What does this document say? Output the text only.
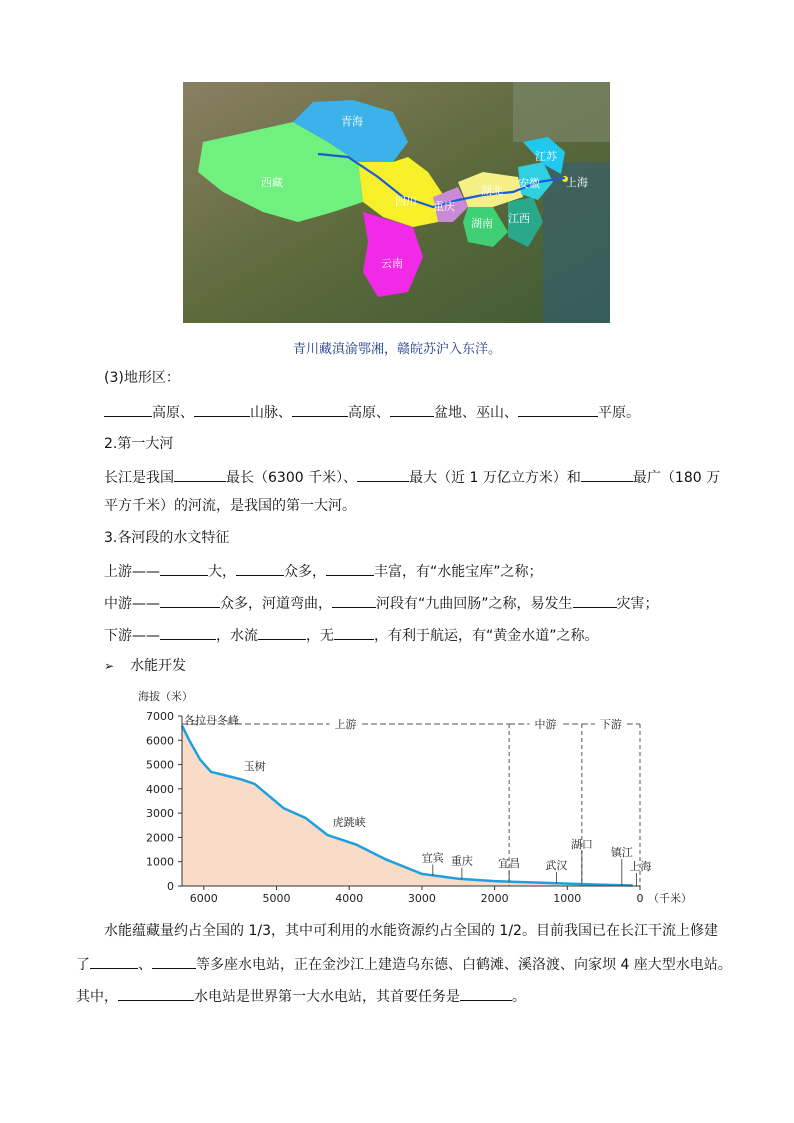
青海
西藏
四川
云南
重庆
湖北
湖南 江西
安徽
江苏
上海
青川藏滇渝鄂湘，赣皖苏沪入东洋。
(3)地形区：
高原、	山脉、	高原、	盆地、巫山、	平原。
2.第一大河
长江是我国	最长（6300 千米）、	最大（近 1 万亿立方米）和	最广（180 万
平方千米）的河流，是我国的第一大河。
3.各河段的水文特征
上游——	大，	众多，	丰富，有“水能宝库”之称；
中游——	众多，河道弯曲，	河段有“九曲回肠”之称，易发生	灾害；
下游——	，水流	，无	，有利于航运，有“黄金水道”之称。
➢ 水能开发
海拔（米）
0
1000
2000
3000
4000
5000
6000
7000
6000	5000	4000	3000	2000	1000	0 （千米）
上游	中游	下游
各拉丹冬峰
玉树
虎跳峡
宜宾 重庆 宜昌 武汉
湖口
镇江
上海
水能蕴藏量约占全国的 1/3，其中可利用的水能资源约占全国的 1/2。目前我国已在长江干流上修建
了	、	等多座水电站，正在金沙江上建造乌东德、白鹤滩、溪洛渡、向家坝 4 座大型水电站。
其中，	水电站是世界第一大水电站，其首要任务是	。
